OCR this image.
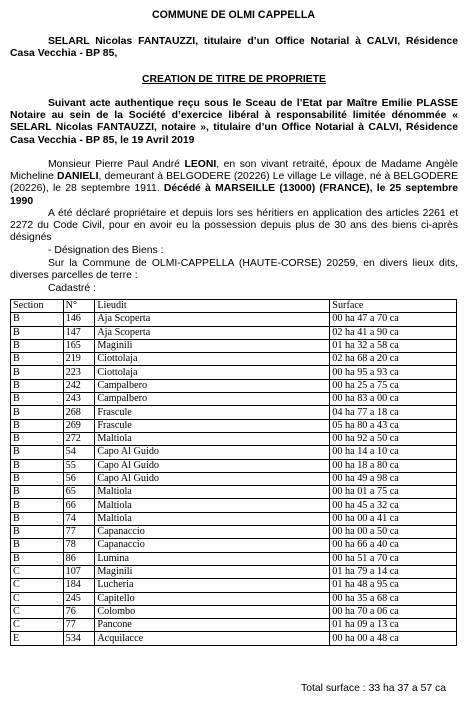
COMMUNE DE OLMI CAPPELLA
SELARL Nicolas FANTAUZZI, titulaire d’un Office Notarial à CALVI, Résidence Casa Vecchia - BP 85,
CREATION DE TITRE DE PROPRIETE
Suivant acte authentique reçu sous le Sceau de l’Etat par Maître Emilie PLASSE Notaire au sein de la Société d’exercice libéral à responsabilité limitée dénommée « SELARL Nicolas FANTAUZZI, notaire », titulaire d’un Office Notarial à CALVI, Résidence Casa Vecchia - BP 85, le 19 Avril 2019
Monsieur Pierre Paul André LEONI, en son vivant retraité, époux de Madame Angèle Micheline DANIELI, demeurant à BELGODERE (20226) Le village Le village, né à BELGODERE (20226), le 28 septembre 1911. Décédé à MARSEILLE (13000) (FRANCE), le 25 septembre 1990
A été déclaré propriétaire et depuis lors ses héritiers en application des articles 2261 et 2272 du Code Civil, pour en avoir eu la possession depuis plus de 30 ans des biens ci-après désignés
- Désignation des Biens :
Sur la Commune de OLMI-CAPPELLA (HAUTE-CORSE) 20259, en divers lieux dits, diverses parcelles de terre :
Cadastré :
Section	N°	Lieudit	Surface
B	146	Aja Scoperta	00 ha 47 a 70 ca
B	147	Aja Scoperta	02 ha 41 a 90 ca
B	165	Maginili	01 ha 32 a 58 ca
B	219	Ciottolaja	02 ha 68 a 20 ca
B	223	Ciottolaja	00 ha 95 a 93 ca
B	242	Campalbero	00 ha 25 a 75 ca
B	243	Campalbero	00 ha 83 a 00 ca
B	268	Frascule	04 ha 77 a 18 ca
B	269	Frascule	05 ha 80 a 43 ca
B	272	Maltiola	00 ha 92 a 50 ca
B	54	Capo Al Guido	00 ha 14 a 10 ca
B	55	Capo Al Guido	00 ha 18 a 80 ca
B	56	Capo Al Guido	00 ha 49 a 98 ca
B	65	Maltiola	00 ha 01 a 75 ca
B	66	Maltiola	00 ha 45 a 32 ca
B	74	Maltiola	00 ha 00 a 41 ca
B	77	Capanaccio	00 ha 00 a 50 ca
B	78	Capanaccio	00 ha 66 a 40 ca
B	86	Lumina	00 ha 51 a 70 ca
C	107	Maginili	01 ha 79 a 14 ca
C	184	Lucheria	01 ha 48 a 95 ca
C	245	Capitello	00 ha 35 a 68 ca
C	76	Colombo	00 ha 70 a 06 ca
C	77	Pancone	01 ha 09 a 13 ca
E	534	Acquilacce	00 ha 00 a 48 ca
Total surface : 33 ha 37 a 57 ca
